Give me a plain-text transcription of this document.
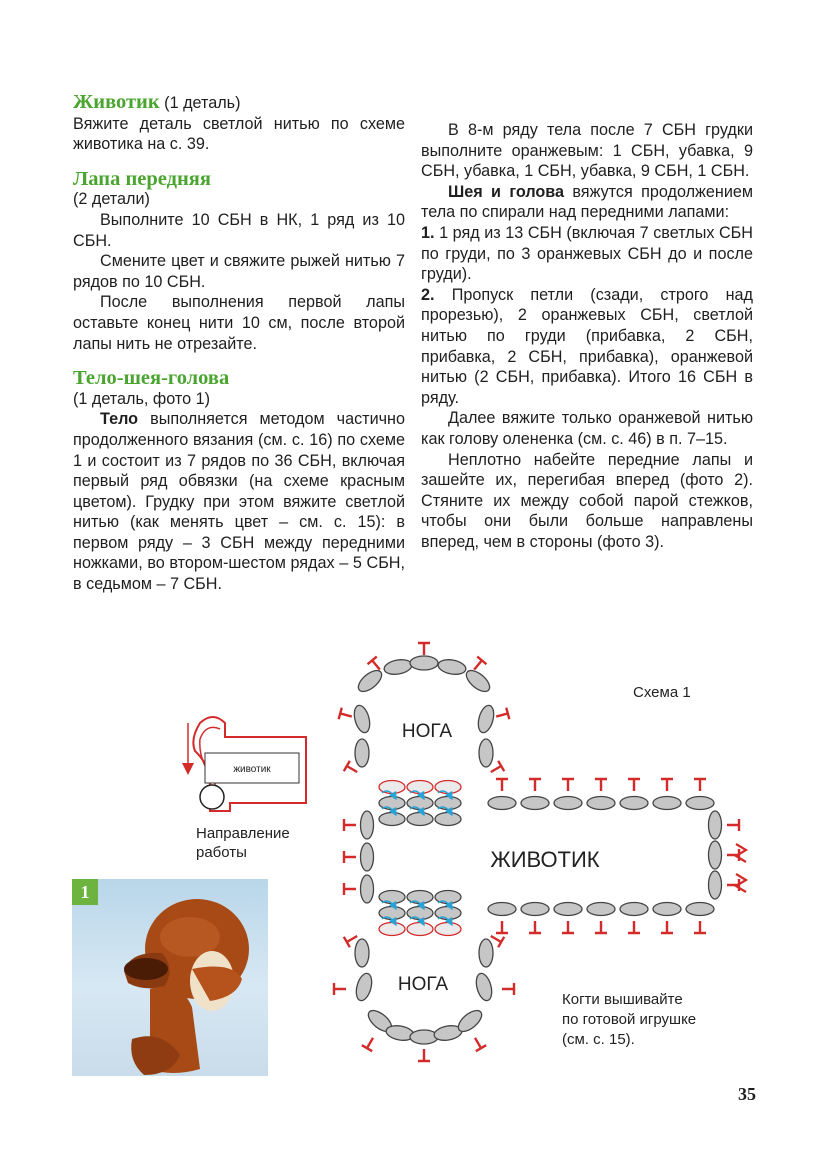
Животик (1 деталь)

Вяжите деталь светлой нитью по схеме животика на с. 39.

Лапа передняя

(2 детали)

Выполните 10 СБН в НК, 1 ряд из 10 СБН.

Смените цвет и свяжите рыжей нитью 7 рядов по 10 СБН.

После выполнения первой лапы оставьте конец нити 10 см, после второй лапы нить не отрезайте.

Тело-шея-голова

(1 деталь, фото 1)

Тело выполняется методом частично продолженного вязания (см. с. 16) по схеме 1 и состоит из 7 рядов по 36 СБН, включая первый ряд обвязки (на схеме красным цветом). Грудку при этом вяжите светлой нитью (как менять цвет – см. с. 15): в первом ряду – 3 СБН между передними ножками, во втором-шестом рядах – 5 СБН, в седьмом – 7 СБН.

В 8-м ряду тела после 7 СБН грудки выполните оранжевым: 1 СБН, убавка, 9 СБН, убавка, 1 СБН, убавка, 9 СБН, 1 СБН.

Шея и голова вяжутся продолжением тела по спирали над передними лапами:

1. 1 ряд из 13 СБН (включая 7 светлых СБН по груди, по 3 оранжевых СБН до и после груди).

2. Пропуск петли (сзади, строго над прорезью), 2 оранжевых СБН, светлой нитью по груди (прибавка, 2 СБН, прибавка, 2 СБН, прибавка), оранжевой нитью (2 СБН, прибавка). Итого 16 СБН в ряду.

Далее вяжите только оранжевой нитью как голову олененка (см. с. 46) в п. 7–15.

Неплотно набейте передние лапы и зашейте их, перегибая вперед (фото 2). Стяните их между собой парой стежков, чтобы они были больше направлены вперед, чем в стороны (фото 3).

животик
Направление
работы
Схема 1
НОГА
ЖИВОТИК
НОГА
Когти вышивайте
по готовой игрушке
(см. с. 15).
1
35
